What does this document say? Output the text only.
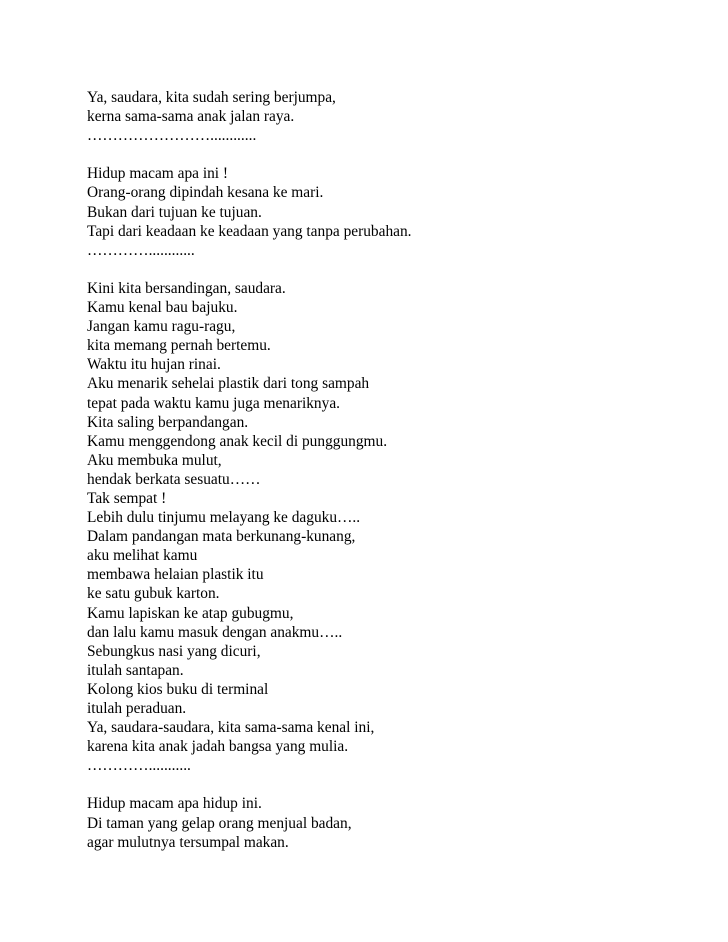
Ya, saudara, kita sudah sering berjumpa,
kerna sama-sama anak jalan raya.
……………………............
Hidup macam apa ini !
Orang-orang dipindah kesana ke mari.
Bukan dari tujuan ke tujuan.
Tapi dari keadaan ke keadaan yang tanpa perubahan.
…………............
Kini kita bersandingan, saudara.
Kamu kenal bau bajuku.
Jangan kamu ragu-ragu,
kita memang pernah bertemu.
Waktu itu hujan rinai.
Aku menarik sehelai plastik dari tong sampah
tepat pada waktu kamu juga menariknya.
Kita saling berpandangan.
Kamu menggendong anak kecil di punggungmu.
Aku membuka mulut,
hendak berkata sesuatu……
Tak sempat !
Lebih dulu tinjumu melayang ke daguku…..
Dalam pandangan mata berkunang-kunang,
aku melihat kamu
membawa helaian plastik itu
ke satu gubuk karton.
Kamu lapiskan ke atap gubugmu,
dan lalu kamu masuk dengan anakmu…..
Sebungkus nasi yang dicuri,
itulah santapan.
Kolong kios buku di terminal
itulah peraduan.
Ya, saudara-saudara, kita sama-sama kenal ini,
karena kita anak jadah bangsa yang mulia.
…………...........
Hidup macam apa hidup ini.
Di taman yang gelap orang menjual badan,
agar mulutnya tersumpal makan.
